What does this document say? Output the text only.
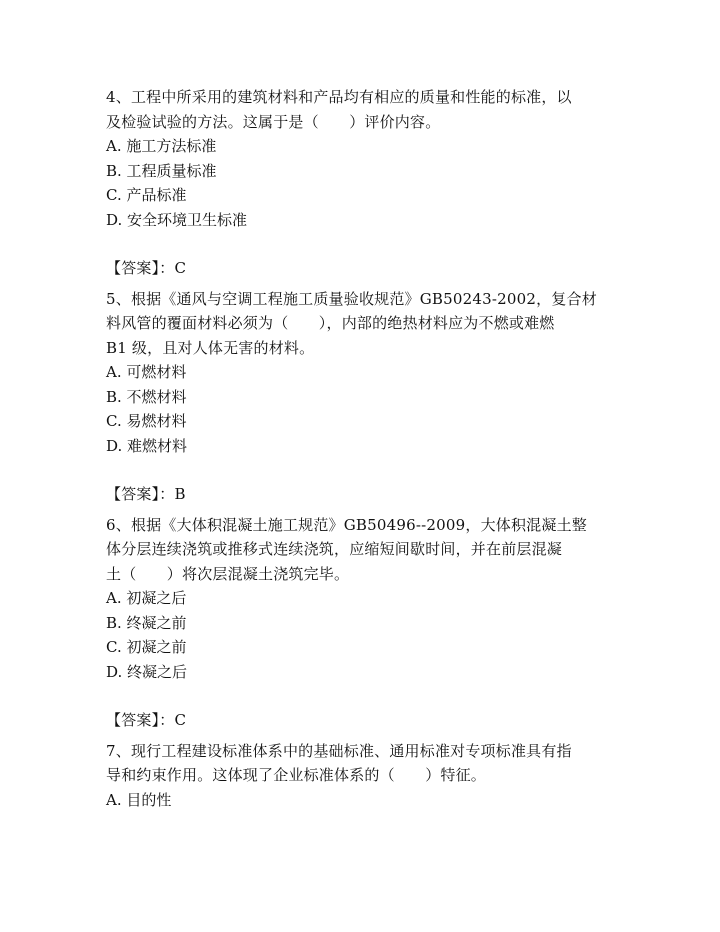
4、工程中所采用的建筑材料和产品均有相应的质量和性能的标准，以

及检验试验的方法。这属于是（　　）评价内容。

A. 施工方法标准

B. 工程质量标准

C. 产品标准

D. 安全环境卫生标准

【答案】：C

5、根据《通风与空调工程施工质量验收规范》GB50243-2002，复合材

料风管的覆面材料必须为（　　），内部的绝热材料应为不燃或难燃

B1 级，且对人体无害的材料。

A. 可燃材料

B. 不燃材料

C. 易燃材料

D. 难燃材料

【答案】：B

6、根据《大体积混凝土施工规范》GB50496--2009，大体积混凝土整

体分层连续浇筑或推移式连续浇筑，应缩短间歇时间，并在前层混凝

土（　　）将次层混凝土浇筑完毕。

A. 初凝之后

B. 终凝之前

C. 初凝之前

D. 终凝之后

【答案】：C

7、现行工程建设标准体系中的基础标准、通用标准对专项标准具有指

导和约束作用。这体现了企业标准体系的（　　）特征。

A. 目的性
